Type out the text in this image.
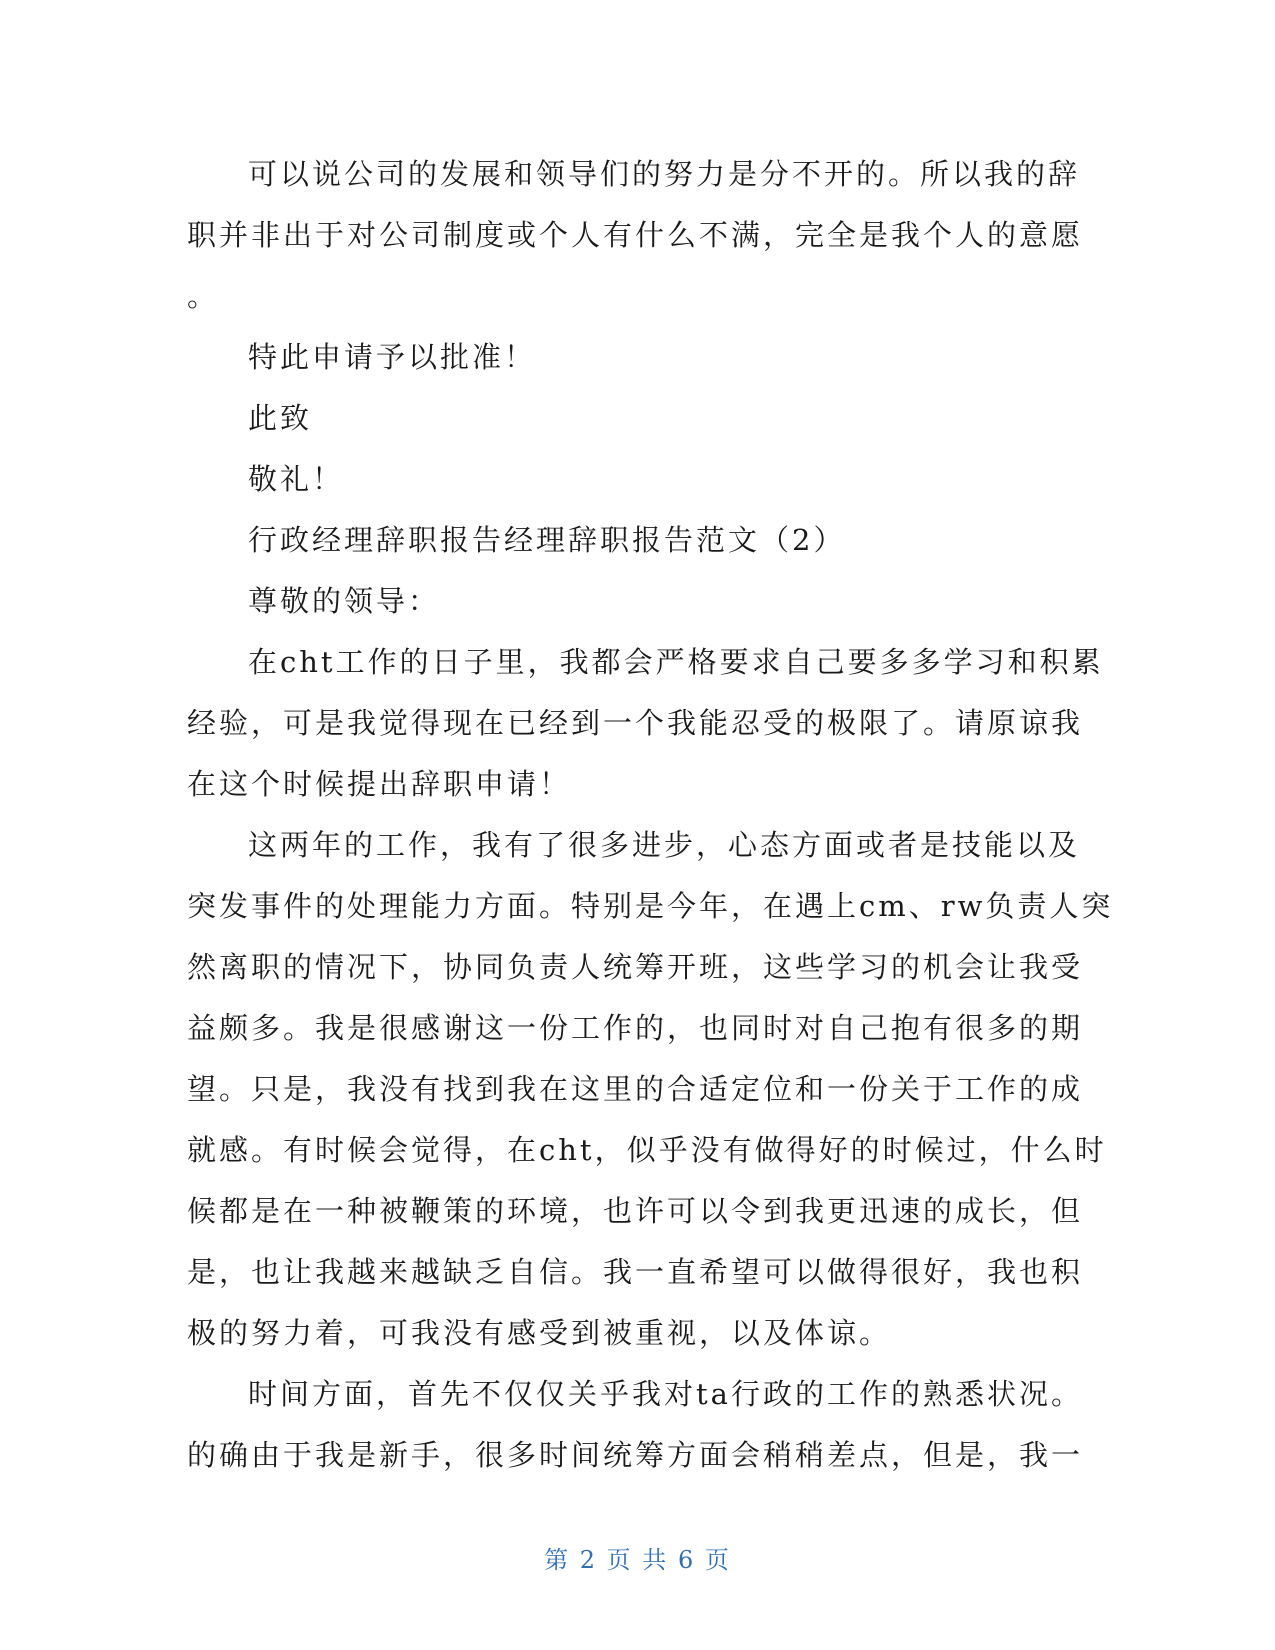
可以说公司的发展和领导们的努力是分不开的。所以我的辞
职并非出于对公司制度或个人有什么不满，完全是我个人的意愿
。
特此申请予以批准！
此致
敬礼！
行政经理辞职报告经理辞职报告范文（2）
尊敬的领导：
在cht工作的日子里，我都会严格要求自己要多多学习和积累
经验，可是我觉得现在已经到一个我能忍受的极限了。请原谅我
在这个时候提出辞职申请！
这两年的工作，我有了很多进步，心态方面或者是技能以及
突发事件的处理能力方面。特别是今年，在遇上cm、rw负责人突
然离职的情况下，协同负责人统筹开班，这些学习的机会让我受
益颇多。我是很感谢这一份工作的，也同时对自己抱有很多的期
望。只是，我没有找到我在这里的合适定位和一份关于工作的成
就感。有时候会觉得，在cht，似乎没有做得好的时候过，什么时
候都是在一种被鞭策的环境，也许可以令到我更迅速的成长，但
是，也让我越来越缺乏自信。我一直希望可以做得很好，我也积
极的努力着，可我没有感受到被重视，以及体谅。
时间方面，首先不仅仅关乎我对ta行政的工作的熟悉状况。
的确由于我是新手，很多时间统筹方面会稍稍差点，但是，我一
第 2 页 共 6 页
